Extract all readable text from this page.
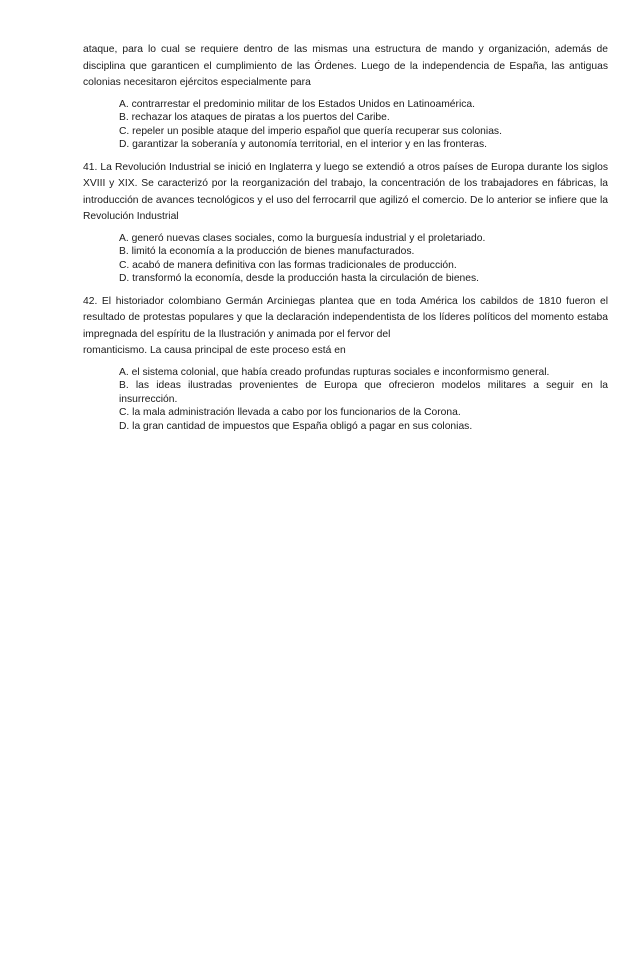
ataque, para lo cual se requiere dentro de las mismas una estructura de mando y organización, además de disciplina que garanticen el cumplimiento de las Órdenes. Luego de la independencia de España, las antiguas colonias necesitaron ejércitos especialmente para

A. contrarrestar el predominio militar de los Estados Unidos en Latinoamérica.
B. rechazar los ataques de piratas a los puertos del Caribe.
C. repeler un posible ataque del imperio español que quería recuperar sus colonias.
D. garantizar la soberanía y autonomía territorial, en el interior y en las fronteras.

41. La Revolución Industrial se inició en Inglaterra y luego se extendió a otros países de Europa durante los siglos XVIII y XIX. Se caracterizó por la reorganización del trabajo, la concentración de los trabajadores en fábricas, la introducción de avances tecnológicos y el uso del ferrocarril que agilizó el comercio. De lo anterior se infiere que la Revolución Industrial

A. generó nuevas clases sociales, como la burguesía industrial y el proletariado.
B. limitó la economía a la producción de bienes manufacturados.
C. acabó de manera definitiva con las formas tradicionales de producción.
D. transformó la economía, desde la producción hasta la circulación de bienes.

42. El historiador colombiano Germán Arciniegas plantea que en toda América los cabildos de 1810 fueron el resultado de protestas populares y que la declaración independentista de los líderes políticos del momento estaba impregnada del espíritu de la Ilustración y animada por el fervor del
romanticismo. La causa principal de este proceso está en

A. el sistema colonial, que había creado profundas rupturas sociales e inconformismo general.
B. las ideas ilustradas provenientes de Europa que ofrecieron modelos militares a seguir en la insurrección.
C. la mala administración llevada a cabo por los funcionarios de la Corona.
D. la gran cantidad de impuestos que España obligó a pagar en sus colonias.
